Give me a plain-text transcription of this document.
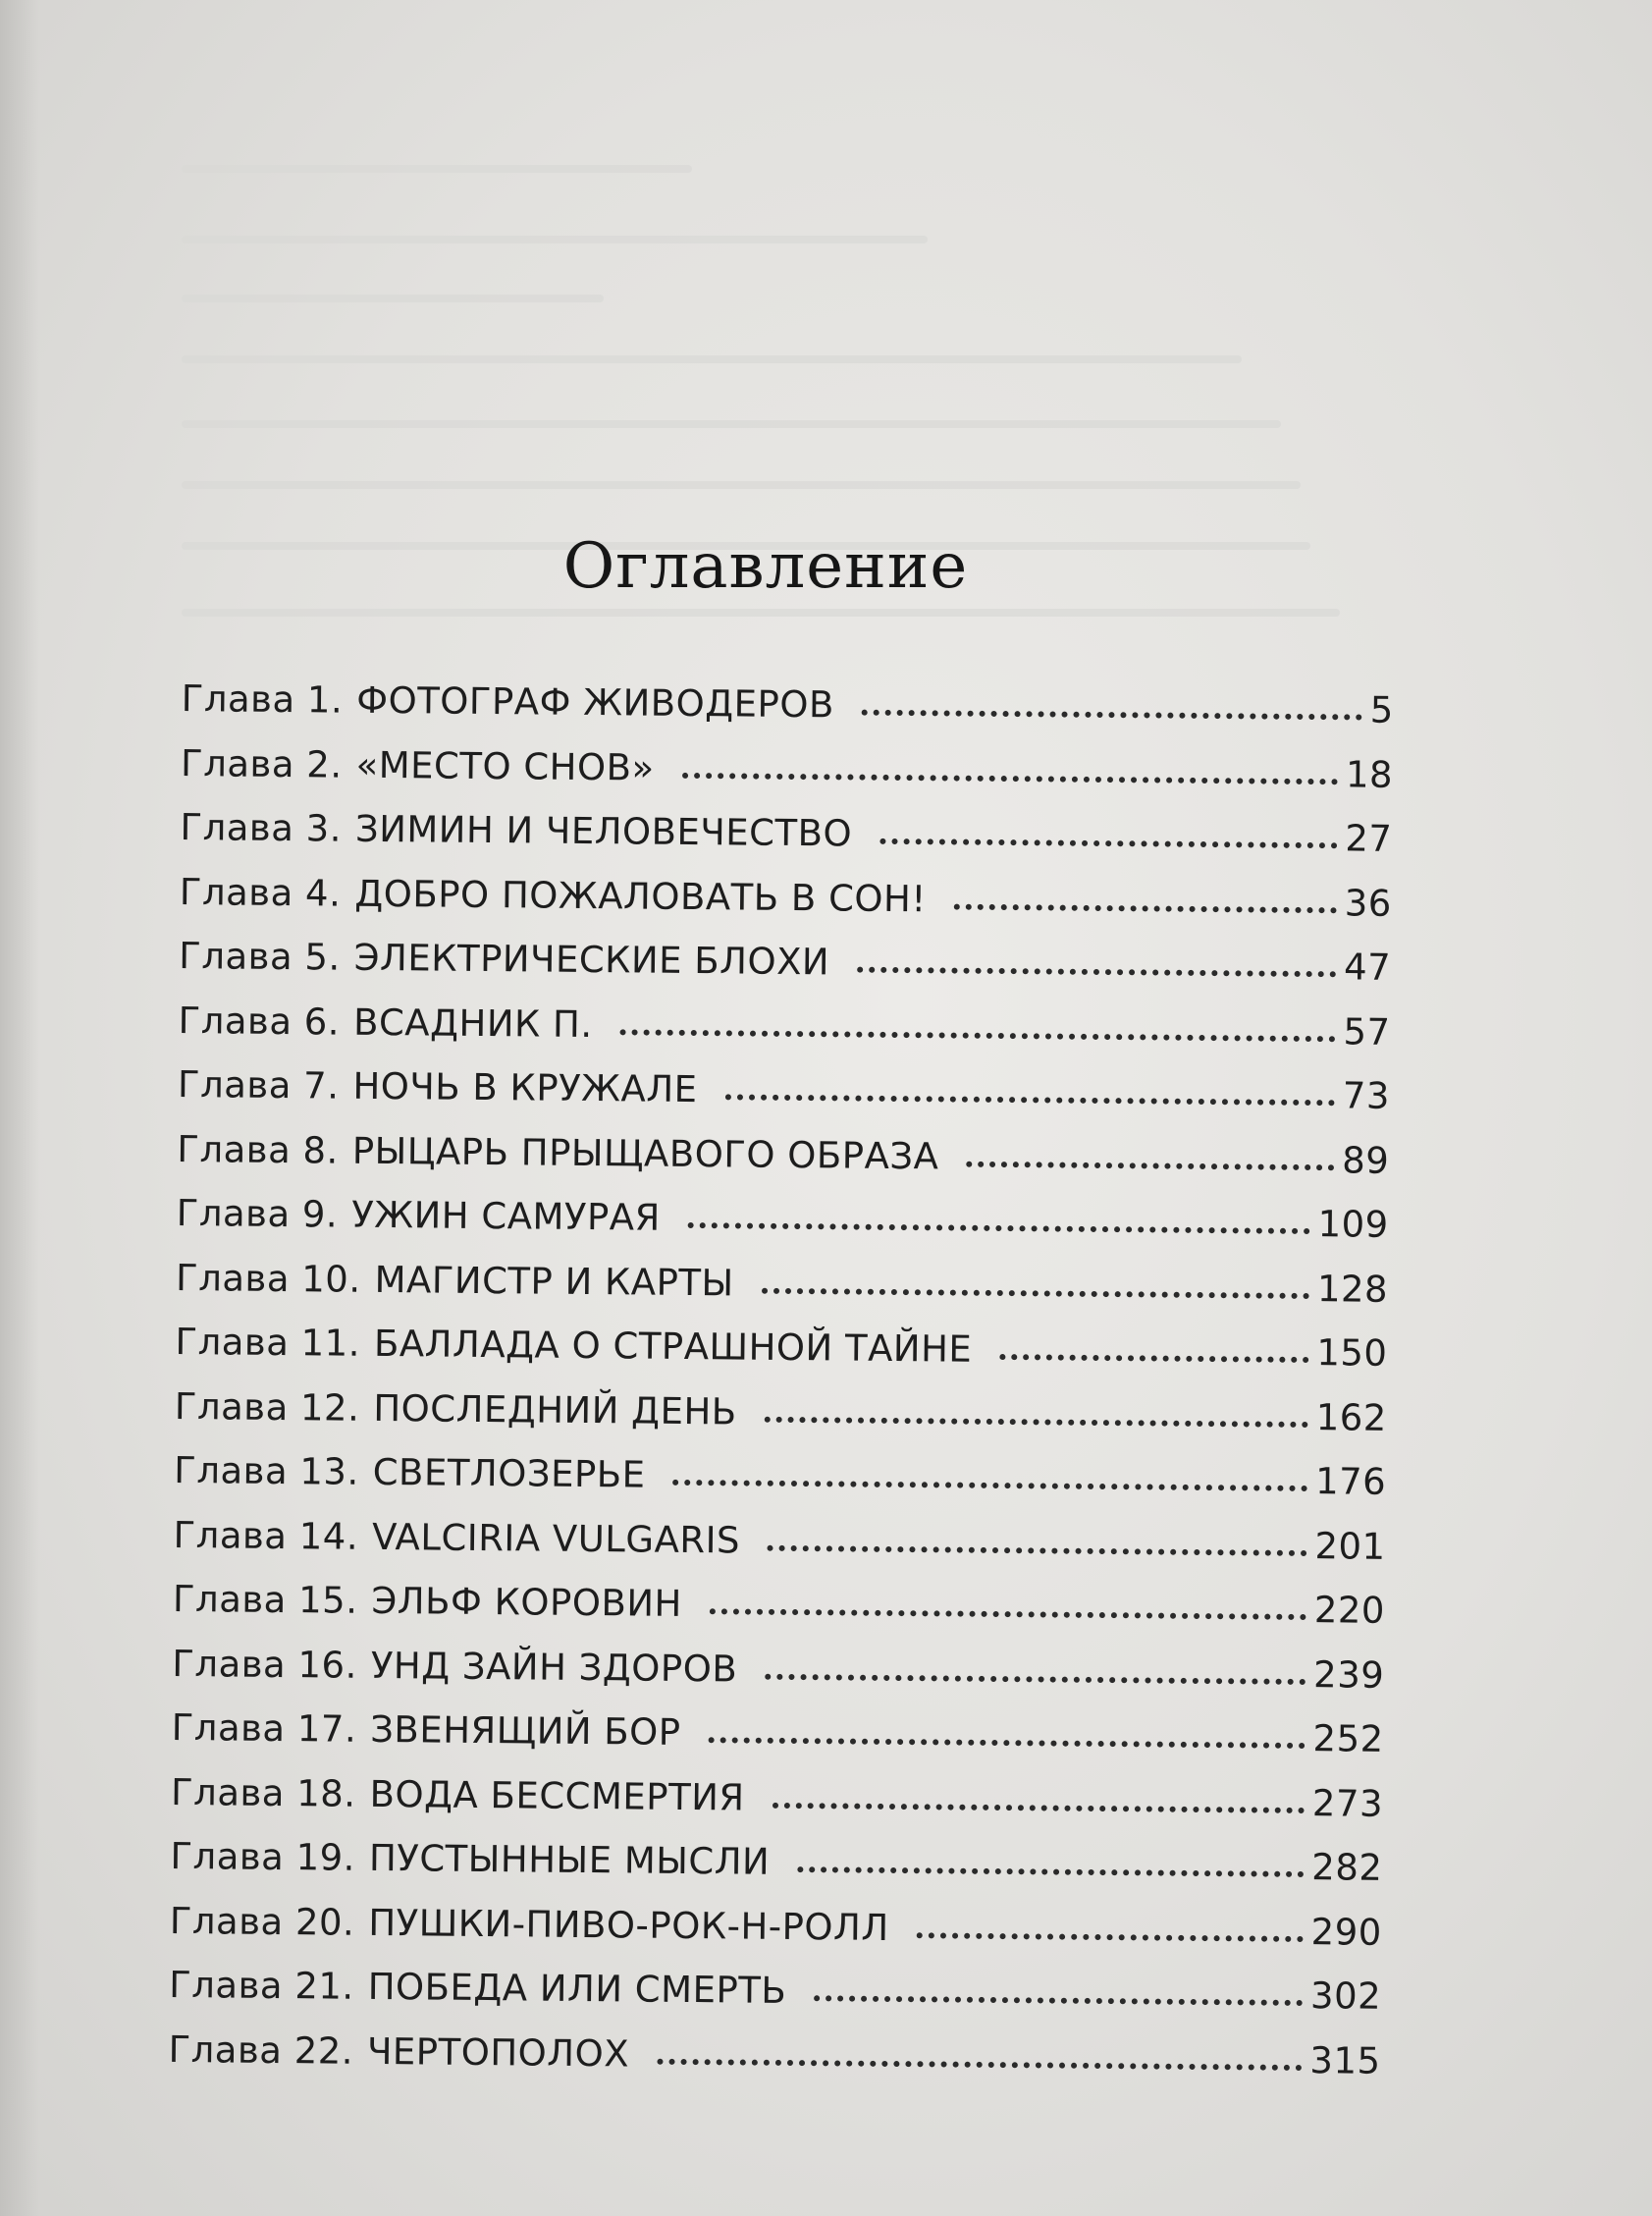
Оглавление
Глава 1. ФОТОГРАФ ЖИВОДЕРОВ	5
Глава 2. «МЕСТО СНОВ»	18
Глава 3. ЗИМИН И ЧЕЛОВЕЧЕСТВО	27
Глава 4. ДОБРО ПОЖАЛОВАТЬ В СОН!	36
Глава 5. ЭЛЕКТРИЧЕСКИЕ БЛОХИ	47
Глава 6. ВСАДНИК П.	57
Глава 7. НОЧЬ В КРУЖАЛЕ	73
Глава 8. РЫЦАРЬ ПРЫЩАВОГО ОБРАЗА	89
Глава 9. УЖИН САМУРАЯ	109
Глава 10. МАГИСТР И КАРТЫ	128
Глава 11. БАЛЛАДА О СТРАШНОЙ ТАЙНЕ	150
Глава 12. ПОСЛЕДНИЙ ДЕНЬ	162
Глава 13. СВЕТЛОЗЕРЬЕ	176
Глава 14. VALCIRIA VULGARIS	201
Глава 15. ЭЛЬФ КОРОВИН	220
Глава 16. УНД ЗАЙН ЗДОРОВ	239
Глава 17. ЗВЕНЯЩИЙ БОР	252
Глава 18. ВОДА БЕССМЕРТИЯ	273
Глава 19. ПУСТЫННЫЕ МЫСЛИ	282
Глава 20. ПУШКИ-ПИВО-РОК-Н-РОЛЛ	290
Глава 21. ПОБЕДА ИЛИ СМЕРТЬ	302
Глава 22. ЧЕРТОПОЛОХ	315
